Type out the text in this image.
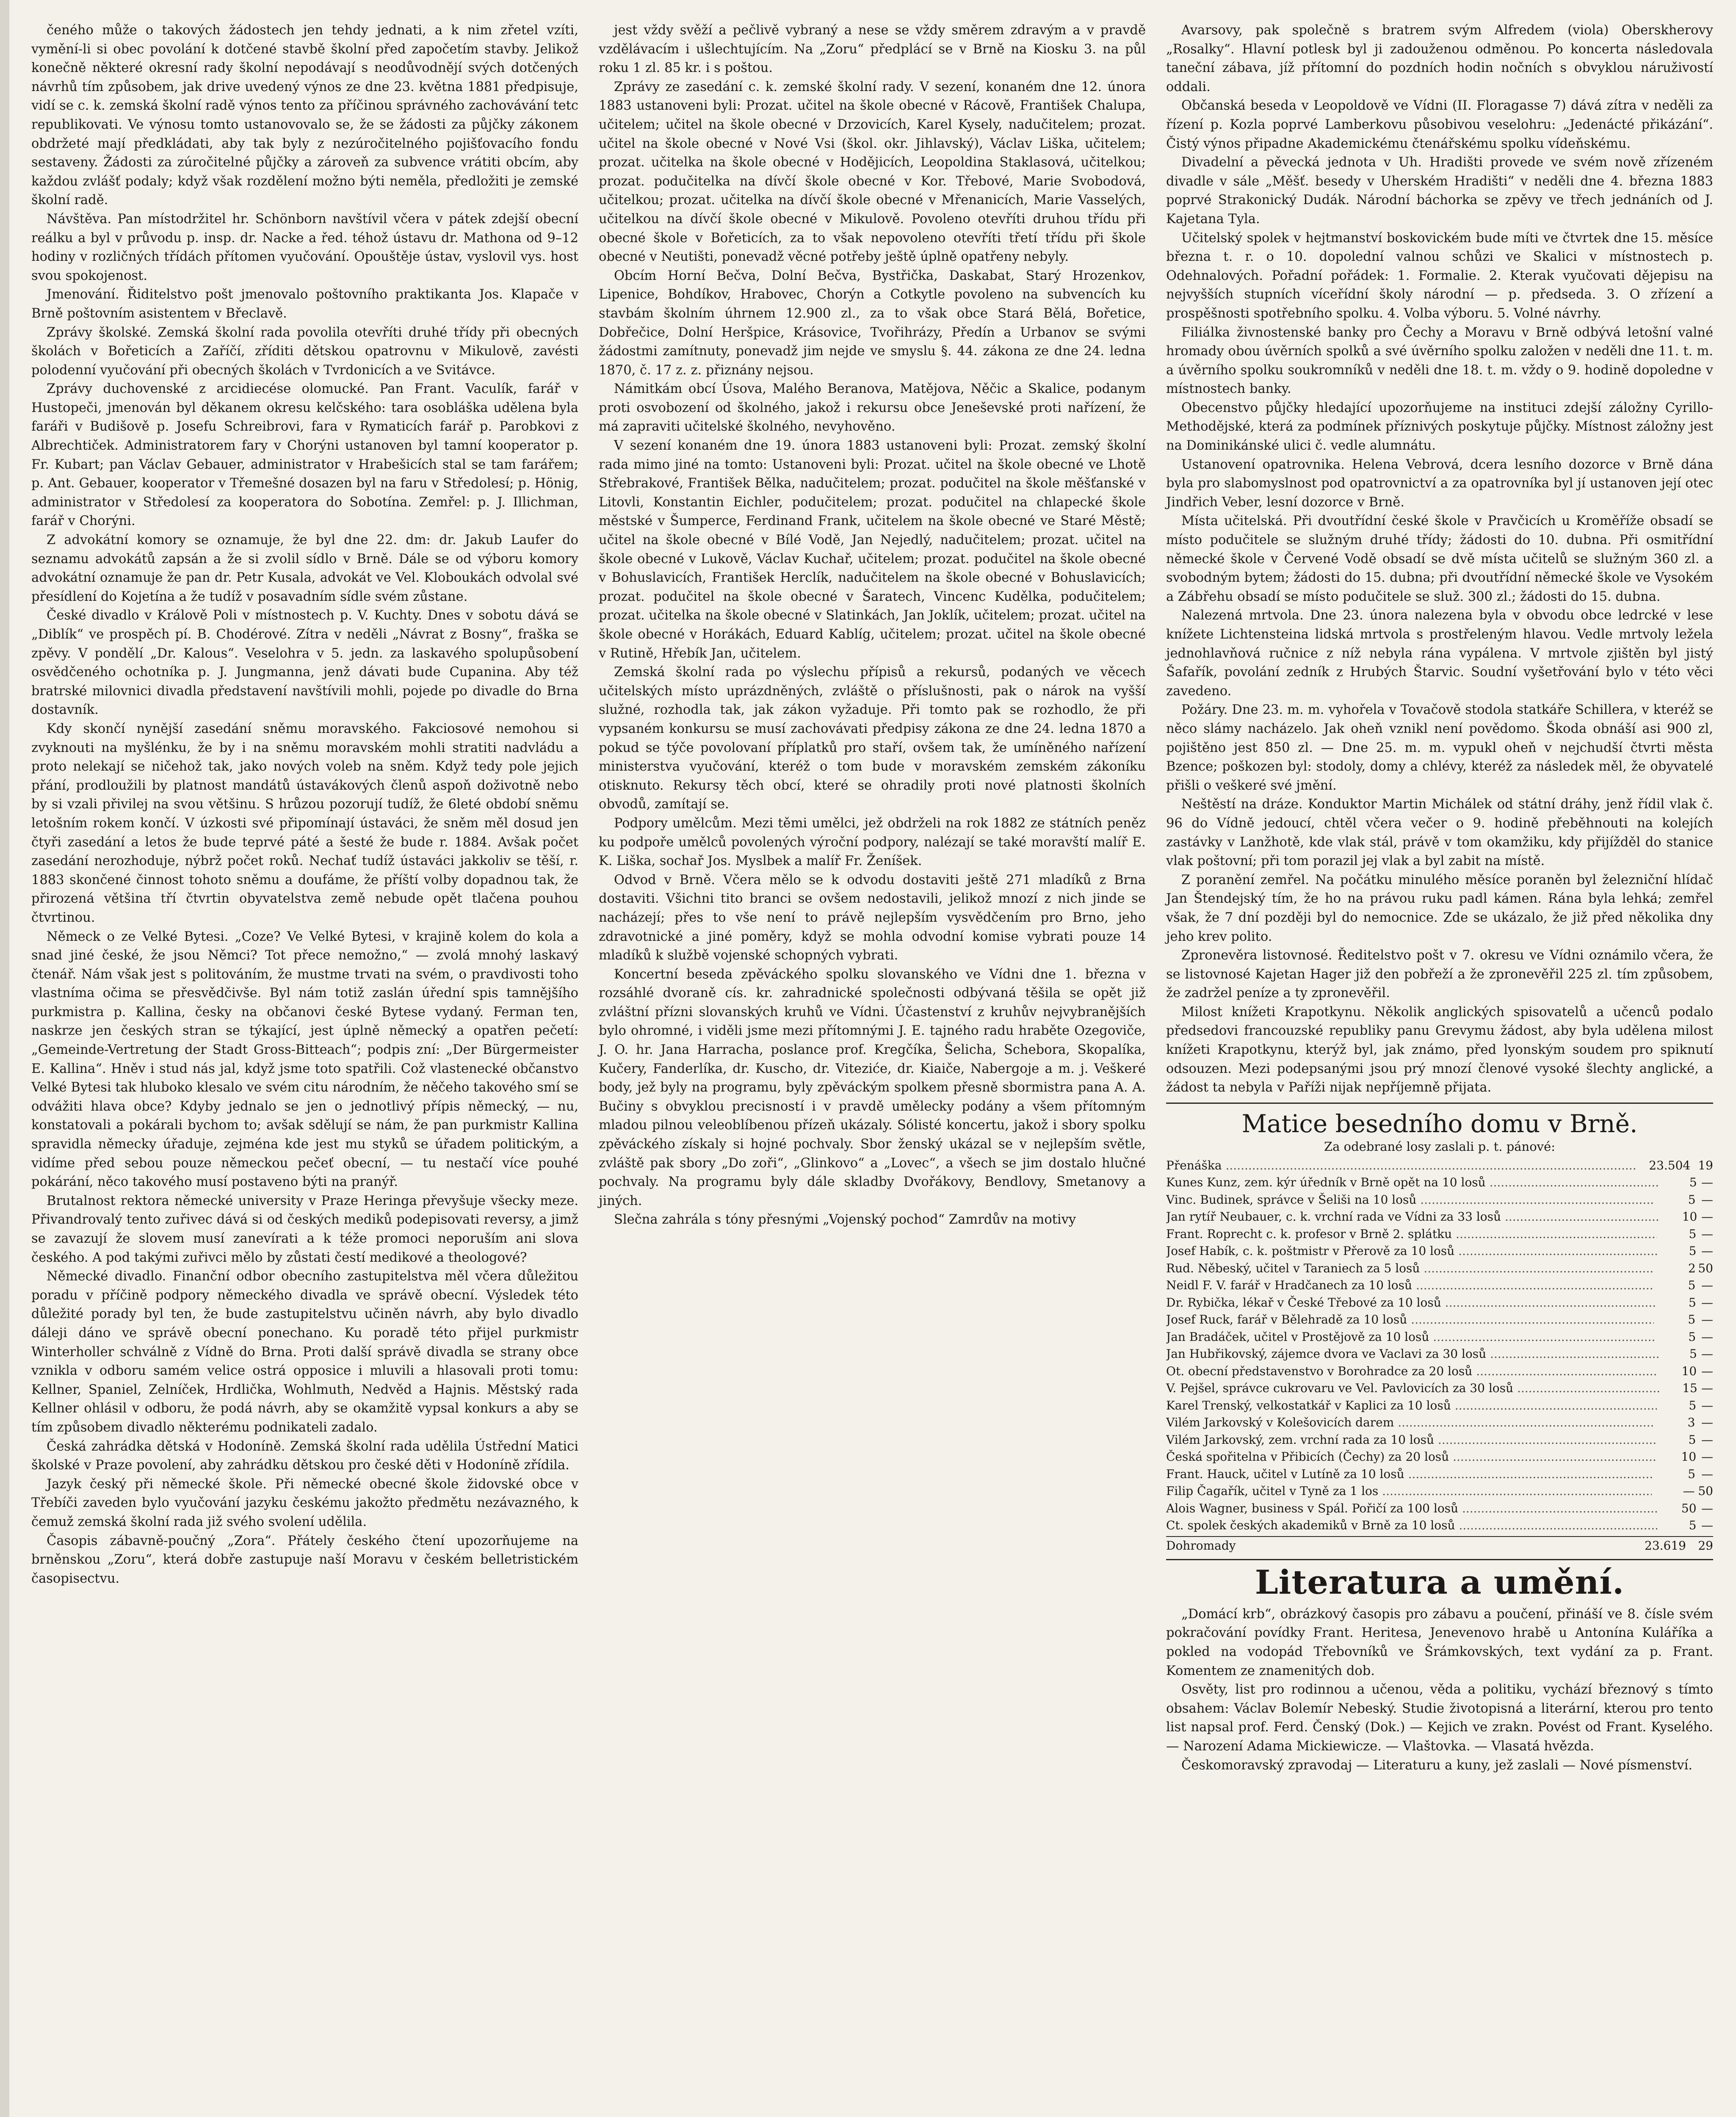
čeného může o takových žádostech jen tehdy jednati, a k nim zřetel vzíti, vymění-li si obec povolání k dotčené stavbě školní před započetím stavby. Jelikož konečně některé okresní rady školní nepodávají s neodůvodnějí svých dotčených návrhů tím způsobem, jak drive uvedený výnos ze dne 23. května 1881 předpisuje, vidí se c. k. zemská školní radě výnos tento za příčinou správného zachovávání tetc republikovati. Ve výnosu tomto ustanovovalo se, že se žádosti za půjčky zákonem obdržeté mají předkládati, aby tak byly z nezúročitelného pojišťovacího fondu sestaveny. Žádosti za zúročitelné půjčky a zároveň za subvence vrátiti obcím, aby každou zvlášť podaly; když však rozdělení možno býti neměla, předložiti je zemské školní radě.

Návštěva. Pan místodržitel hr. Schönborn navštívil včera v pátek zdejší obecní reálku a byl v průvodu p. insp. dr. Nacke a řed. téhož ústavu dr. Mathona od 9–12 hodiny v rozličných třídách přítomen vyučování. Opouštěje ústav, vyslovil vys. host svou spokojenost.

Jmenování. Řiditelstvo pošt jmenovalo poštovního praktikanta Jos. Klapače v Brně poštovním asistentem v Břeclavě.

Zprávy školské. Zemská školní rada povolila otevříti druhé třídy při obecných školách v Bořeticích a Zaříčí, zříditi dětskou opatrovnu v Mikulově, zavésti polodenní vyučování při obecných školách v Tvrdonicích a ve Svitávce.

Zprávy duchovenské z arcidiecése olomucké. Pan Frant. Vaculík, farář v Hustopeči, jmenován byl děkanem okresu kelčského: tara osobláška udělena byla faráři v Budišově p. Josefu Schreibrovi, fara v Rymaticích farář p. Parobkovi z Albrechtiček. Administratorem fary v Chorýni ustanoven byl tamní kooperator p. Fr. Kubart; pan Václav Gebauer, administrator v Hrabešicích stal se tam farářem; p. Ant. Gebauer, kooperator v Třemešné dosazen byl na faru v Středolesí; p. Hönig, administrator v Středolesí za kooperatora do Sobotína. Zemřel: p. J. Illichman, farář v Chorýni.

Z advokátní komory se oznamuje, že byl dne 22. dm: dr. Jakub Laufer do seznamu advokátů zapsán a že si zvolil sídlo v Brně. Dále se od výboru komory advokátní oznamuje že pan dr. Petr Kusala, advokát ve Vel. Kloboukách odvolal své přesídlení do Kojetína a že tudíž v posavadním sídle svém zůstane.

České divadlo v Králově Poli v místnostech p. V. Kuchty. Dnes v sobotu dává se „Diblík“ ve prospěch pí. B. Chodérové. Zítra v neděli „Návrat z Bosny“, fraška se zpěvy. V pondělí „Dr. Kalous“. Veselohra v 5. jedn. za laskavého spolupůsobení osvědčeného ochotníka p. J. Jungmanna, jenž dávati bude Cupanina. Aby též bratrské milovnici divadla představení navštívili mohli, pojede po divadle do Brna dostavník.

Kdy skončí nynější zasedání sněmu moravského. Fakciosové nemohou si zvyknouti na myšlénku, že by i na sněmu moravském mohli stratiti nadvládu a proto nelekají se ničehož tak, jako nových voleb na sněm. Když tedy pole jejich přání, prodloužili by platnost mandátů ústavákových členů aspoň doživotně nebo by si vzali přivilej na svou většinu. S hrůzou pozorují tudíž, že 6leté období sněmu letošním rokem končí. V úzkosti své připomínají ústaváci, že sněm měl dosud jen čtyři zasedání a letos že bude teprvé páté a šesté že bude r. 1884. Avšak počet zasedání nerozhoduje, nýbrž počet roků. Nechať tudíž ústaváci jakkoliv se těší, r. 1883 skončené činnost tohoto sněmu a doufáme, že příští volby dopadnou tak, že přirozená většina tří čtvrtin obyvatelstva země nebude opět tlačena pouhou čtvrtinou.

Německ o ze Velké Bytesi. „Coze? Ve Velké Bytesi, v krajině kolem do kola a snad jiné české, že jsou Němci? Tot přece nemožno,“ — zvolá mnohý laskavý čtenář. Nám však jest s politováním, že mustme trvati na svém, o pravdivosti toho vlastníma očima se přesvědčivše. Byl nám totiž zaslán úřední spis tamnějšího purkmistra p. Kallina, česky na občanovi české Bytese vydaný. Ferman ten, naskrze jen českých stran se týkající, jest úplně německý a opatřen pečetí: „Gemeinde-Vertretung der Stadt Gross-Bitteach“; podpis zní: „Der Bürgermeister E. Kallina“. Hněv i stud nás jal, když jsme toto spatřili. Což vlastenecké občanstvo Velké Bytesi tak hluboko klesalo ve svém citu národním, že něčeho takového smí se odvážiti hlava obce? Kdyby jednalo se jen o jednotlivý přípis německý, — nu, konstatovali a pokárali bychom to; avšak sdělují se nám, že pan purkmistr Kallina spravidla německy úřaduje, zejména kde jest mu styků se úřadem politickým, a vidíme před sebou pouze německou pečeť obecní, — tu nestačí více pouhé pokárání, něco takového musí postaveno býti na pranýř.

Brutalnost rektora německé university v Praze Heringa převyšuje všecky meze. Přivandrovalý tento zuřivec dává si od českých mediků podepisovati reversy, a jimž se zavazují že slovem musí zanevírati a k téže promoci neporuším ani slova českého. A pod takými zuřivci mělo by zůstati čestí medikové a theologové?

Německé divadlo. Finanční odbor obecního zastupitelstva měl včera důležitou poradu v příčině podpory německého divadla ve správě obecní. Výsledek této důležité porady byl ten, že bude zastupitelstvu učiněn návrh, aby bylo divadlo dáleji dáno ve správě obecní ponechano. Ku poradě této přijel purkmistr Winterholler schválně z Vídně do Brna. Proti další správě divadla se strany obce vznikla v odboru samém velice ostrá opposice i mluvili a hlasovali proti tomu: Kellner, Spaniel, Zelníček, Hrdlička, Wohlmuth, Nedvěd a Hajnis. Městský rada Kellner ohlásil v odboru, že podá návrh, aby se okamžitě vypsal konkurs a aby se tím způsobem divadlo některému podnikateli zadalo.

Česká zahrádka dětská v Hodoníně. Zemská školní rada udělila Ústřední Matici školské v Praze povolení, aby zahrádku dětskou pro české děti v Hodoníně zřídila.

Jazyk český při německé škole. Při německé obecné škole židovské obce v Třebíči zaveden bylo vyučování jazyku českému jakožto předmětu nezávazného, k čemuž zemská školní rada již svého svolení udělila.

Časopis zábavně-poučný „Zora“. Přátely českého čtení upozorňujeme na brněnskou „Zoru“, která dobře zastupuje naší Moravu v českém belletristickém časopisectvu.

jest vždy svěží a pečlivě vybraný a nese se vždy směrem zdravým a v pravdě vzdělávacím i ušlechtujícím. Na „Zoru“ předplácí se v Brně na Kiosku 3. na půl roku 1 zl. 85 kr. i s poštou.

Zprávy ze zasedání c. k. zemské školní rady. V sezení, konaném dne 12. února 1883 ustanoveni byli: Prozat. učitel na škole obecné v Rácově, František Chalupa, učitelem; učitel na škole obecné v Drzovicích, Karel Kysely, nadučitelem; prozat. učitel na škole obecné v Nové Vsi (škol. okr. Jihlavský), Václav Liška, učitelem; prozat. učitelka na škole obecné v Hodějicích, Leopoldina Staklasová, učitelkou; prozat. podučitelka na dívčí škole obecné v Kor. Třebové, Marie Svobodová, učitelkou; prozat. učitelka na dívčí škole obecné v Mřenanicích, Marie Vasselých, učitelkou na dívčí škole obecné v Mikulově. Povoleno otevříti druhou třídu při obecné škole v Bořeticích, za to však nepovoleno otevříti třetí třídu při škole obecné v Neutišti, ponevadž věcné potřeby ještě úplně opatřeny nebyly.

Obcím Horní Bečva, Dolní Bečva, Bystřička, Daskabat, Starý Hrozenkov, Lipenice, Bohdíkov, Hrabovec, Chorýn a Cotkytle povoleno na subvencích ku stavbám školním úhrnem 12.900 zl., za to však obce Stará Bělá, Bořetice, Dobřečice, Dolní Heršpice, Krásovice, Tvořihrázy, Předín a Urbanov se svými žádostmi zamítnuty, ponevadž jim nejde ve smyslu §. 44. zákona ze dne 24. ledna 1870, č. 17 z. z. přiznány nejsou.

Námitkám obcí Úsova, Malého Beranova, Matějova, Něčic a Skalice, podanym proti osvobození od školného, jakož i rekursu obce Jeneševské proti nařízení, že má zapraviti učitelské školného, nevyhověno.

V sezení konaném dne 19. února 1883 ustanoveni byli: Prozat. zemský školní rada mimo jiné na tomto: Ustanoveni byli: Prozat. učitel na škole obecné ve Lhotě Střebrakové, František Bělka, nadučitelem; prozat. podučitel na škole měšťanské v Litovli, Konstantin Eichler, podučitelem; prozat. podučitel na chlapecké škole městské v Šumperce, Ferdinand Frank, učitelem na škole obecné ve Staré Městě; učitel na škole obecné v Bílé Vodě, Jan Nejedlý, nadučitelem; prozat. učitel na škole obecné v Lukově, Václav Kuchař, učitelem; prozat. podučitel na škole obecné v Bohuslavicích, František Herclík, nadučitelem na škole obecné v Bohuslavicích; prozat. podučitel na škole obecné v Šaratech, Vincenc Kudělka, podučitelem; prozat. učitelka na škole obecné v Slatinkách, Jan Joklík, učitelem; prozat. učitel na škole obecné v Horákách, Eduard Kablíg, učitelem; prozat. učitel na škole obecné v Rutině, Hřebík Jan, učitelem.

Zemská školní rada po výslechu přípisů a rekursů, podaných ve věcech učitelských místo uprázdněných, zvláště o příslušnosti, pak o nárok na vyšší služné, rozhodla tak, jak zákon vyžaduje. Při tomto pak se rozhodlo, že při vypsaném konkursu se musí zachovávati předpisy zákona ze dne 24. ledna 1870 a pokud se týče povolovaní příplatků pro staří, ovšem tak, že umíněného nařízení ministerstva vyučování, kteréž o tom bude v moravském zemském zákoníku otisknuto. Rekursy těch obcí, které se ohradily proti nové platnosti školních obvodů, zamítají se.

Podpory umělcům. Mezi těmi umělci, jež obdrželi na rok 1882 ze státních peněz ku podpoře umělců povolených výroční podpory, nalézají se také moravští malíř E. K. Liška, sochař Jos. Myslbek a malíř Fr. Ženíšek.

Odvod v Brně. Včera mělo se k odvodu dostaviti ještě 271 mladíků z Brna dostaviti. Všichni tito branci se ovšem nedostavili, jelikož mnozí z nich jinde se nacházejí; přes to vše není to právě nejlepším vysvědčením pro Brno, jeho zdravotnické a jiné poměry, když se mohla odvodní komise vybrati pouze 14 mladíků k službě vojenské schopných vybrati.

Koncertní beseda zpěváckého spolku slovanského ve Vídni dne 1. března v rozsáhlé dvoraně cís. kr. zahradnické společnosti odbývaná těšila se opět již zvláštní přízni slovanských kruhů ve Vídni. Účastenství z kruhův nejvybranějších bylo ohromné, i viděli jsme mezi přítomnými J. E. tajného radu hraběte Ozegoviče, J. O. hr. Jana Harracha, poslance prof. Kregčíka, Šelicha, Schebora, Skopalíka, Kučery, Fanderlíka, dr. Kuscho, dr. Viteziće, dr. Kiaiče, Nabergoje a m. j. Veškeré body, jež byly na programu, byly zpěváckým spolkem přesně sbormistra pana A. A. Bučiny s obvyklou precisností i v pravdě umělecky podány a všem přítomným mladou pilnou veleoblíbenou přízeň ukázaly. Sólisté koncertu, jakož i sbory spolku zpěváckého získaly si hojné pochvaly. Sbor ženský ukázal se v nejlepším světle, zvláště pak sbory „Do zoři“, „Glinkovo“ a „Lovec“, a všech se jim dostalo hlučné pochvaly. Na programu byly dále skladby Dvořákovy, Bendlovy, Smetanovy a jiných.

Slečna zahrála s tóny přesnými „Vojenský pochod“ Zamrdův na motivy

Avarsovy, pak společně s bratrem svým Alfredem (viola) Oberskherovy „Rosalky“. Hlavní potlesk byl ji zadouženou odměnou. Po koncerta následovala taneční zábava, jíž přítomní do pozdních hodin nočních s obvyklou náruživostí oddali.

Občanská beseda v Leopoldově ve Vídni (II. Floragasse 7) dává zítra v neděli za řízení p. Kozla poprvé Lamberkovu působivou veselohru: „Jedenácté přikázání“. Čistý výnos připadne Akademickému čtenářskému spolku vídeňskému.

Divadelní a pěvecká jednota v Uh. Hradišti provede ve svém nově zřízeném divadle v sále „Měšť. besedy v Uherském Hradišti“ v neděli dne 4. března 1883 poprvé Strakonický Dudák. Národní báchorka se zpěvy ve třech jednáních od J. Kajetana Tyla.

Učitelský spolek v hejtmanství boskovickém bude míti ve čtvrtek dne 15. měsíce března t. r. o 10. dopolední valnou schůzi ve Skalici v místnostech p. Odehnalových. Pořadní pořádek: 1. Formalie. 2. Kterak vyučovati dějepisu na nejvyšších stupních víceřídní školy národní — p. předseda. 3. O zřízení a prospěšnosti spotřebního spolku. 4. Volba výboru. 5. Volné návrhy.

Filiálka živnostenské banky pro Čechy a Moravu v Brně odbývá letošní valné hromady obou úvěrních spolků a své úvěrního spolku založen v neděli dne 11. t. m. a úvěrního spolku soukromníků v neděli dne 18. t. m. vždy o 9. hodině dopoledne v místnostech banky.

Obecenstvo půjčky hledající upozorňujeme na instituci zdejší záložny Cyrillo-Methodějské, která za podmínek příznivých poskytuje půjčky. Místnost záložny jest na Dominikánské ulici č. vedle alumnátu.

Ustanovení opatrovnika. Helena Vebrová, dcera lesního dozorce v Brně dána byla pro slabomyslnost pod opatrovnictví a za opatrovníka byl jí ustanoven její otec Jindřich Veber, lesní dozorce v Brně.

Místa učitelská. Při dvoutřídní české škole v Pravčicích u Kroměříže obsadí se místo podučitele se služným druhé třídy; žádosti do 10. dubna. Při osmitřídní německé škole v Červené Vodě obsadí se dvě místa učitelů se služným 360 zl. a svobodným bytem; žádosti do 15. dubna; při dvoutřídní německé škole ve Vysokém a Zábřehu obsadí se místo podučitele se služ. 300 zl.; žádosti do 15. dubna.

Nalezená mrtvola. Dne 23. února nalezena byla v obvodu obce ledrcké v lese knížete Lichtensteina lidská mrtvola s prostřeleným hlavou. Vedle mrtvoly ležela jednohlavňová ručnice z níž nebyla rána vypálena. V mrtvole zjištěn byl jistý Šafařík, povolání zedník z Hrubých Štarvic. Soudní vyšetřování bylo v této věci zavedeno.

Požáry. Dne 23. m. m. vyhořela v Tovačově stodola statkáře Schillera, v kteréž se něco slámy nacházelo. Jak oheň vznikl není povědomo. Škoda obnáší asi 900 zl, pojištěno jest 850 zl. — Dne 25. m. m. vypukl oheň v nejchudší čtvrti města Bzence; poškozen byl: stodoly, domy a chlévy, kteréž za následek měl, že obyvatelé přišli o veškeré své jmění.

Neštěstí na dráze. Konduktor Martin Michálek od státní dráhy, jenž řídil vlak č. 96 do Vídně jedoucí, chtěl včera večer o 9. hodině přeběhnouti na kolejích zastávky v Lanžhotě, kde vlak stál, právě v tom okamžiku, kdy přijížděl do stanice vlak poštovní; při tom porazil jej vlak a byl zabit na místě.

Z poranění zemřel. Na počátku minulého měsíce poraněn byl železniční hlídač Jan Štendejský tím, že ho na právou ruku padl kámen. Rána byla lehká; zemřel však, že 7 dní později byl do nemocnice. Zde se ukázalo, že již před několika dny jeho krev polito.

Zpronevěra listovnosé. Ředitelstvo pošt v 7. okresu ve Vídni oznámilo včera, že se listovnosé Kajetan Hager již den pobřeží a že zpronevěřil 225 zl. tím způsobem, že zadržel peníze a ty zpronevěřil.

Milost knížeti Krapotkynu. Několik anglických spisovatelů a učenců podalo předsedovi francouzské republiky panu Grevymu žádost, aby byla udělena milost knížeti Krapotkynu, kterýž byl, jak známo, před lyonským soudem pro spiknutí odsouzen. Mezi podepsanými jsou prý mnozí členové vysoké šlechty anglické, a žádost ta nebyla v Paříži nijak nepříjemně přijata.

Matice besedního domu v Brně.
Za odebrané losy zaslali p. t. pánové:
Přenáška .....	23.504 19
Kunes Kunz, zem. kýr úředník v Brně opět na 10 losů .....	5 —
Vinc. Budinek, správce v Šeliši na 10 losů .....	5 —
Jan rytíř Neubauer, c. k. vrchní rada ve Vídni za 33 losů .....	10 —
Frant. Roprecht c. k. profesor v Brně 2. splátku .....	5 —
Josef Habík, c. k. poštmistr v Přerově za 10 losů .....	5 —
Rud. Něbeský, učitel v Taraniech za 5 losů .....	2 50
Neidl F. V. farář v Hradčanech za 10 losů .....	5 —
Dr. Rybička, lékař v České Třebové za 10 losů .....	5 —
Josef Ruck, farář v Bělehradě za 10 losů .....	5 —
Jan Bradáček, učitel v Prostějově za 10 losů .....	5 —
Jan Hubřikovský, zájemce dvora ve Vaclavi za 30 losů .....	5 —
Ot. obecní představenstvo v Borohradce za 20 losů .....	10 —
V. Pejšel, správce cukrovaru ve Vel. Pavlovicích za 30 losů .....	15 —
Karel Trenský, velkostatkář v Kaplici za 10 losů .....	5 —
Vilém Jarkovský v Kolešovicích darem .....	3 —
Vilém Jarkovský, zem. vrchní rada za 10 losů .....	5 —
Česká spořitelna v Přibicích (Čechy) za 20 losů .....	10 —
Frant. Hauck, učitel v Lutíně za 10 losů .....	5 —
Filip Čagařík, učitel v Tyně za 1 los .....	— 50
Alois Wagner, business v Spál. Pořičí za 100 losů .....	50 —
Ct. spolek českých akademiků v Brně za 10 losů .....	5 —
Dohromady	23.619	29
Literatura a umění.

„Domácí krb“, obrázkový časopis pro zábavu a poučení, přináší ve 8. čísle svém pokračování povídky Frant. Heritesa, Jenevenovo hrabě u Antonína Kuláříka a pokled na vodopád Třebovníků ve Šrámkovských, text vydání za p. Frant. Komentem ze znamenitých dob.

Osvěty, list pro rodinnou a učenou, věda a politiku, vychází březnový s tímto obsahem: Václav Bolemír Nebeský. Studie životopisná a literární, kterou pro tento list napsal prof. Ferd. Čenský (Dok.) — Kejich ve zrakn. Povést od Frant. Kyselého. — Narození Adama Mickiewicze. — Vlaštovka. — Vlasatá hvězda.

Českomoravský zpravodaj — Literaturu a kuny, jež zaslali — Nové písmenství.
